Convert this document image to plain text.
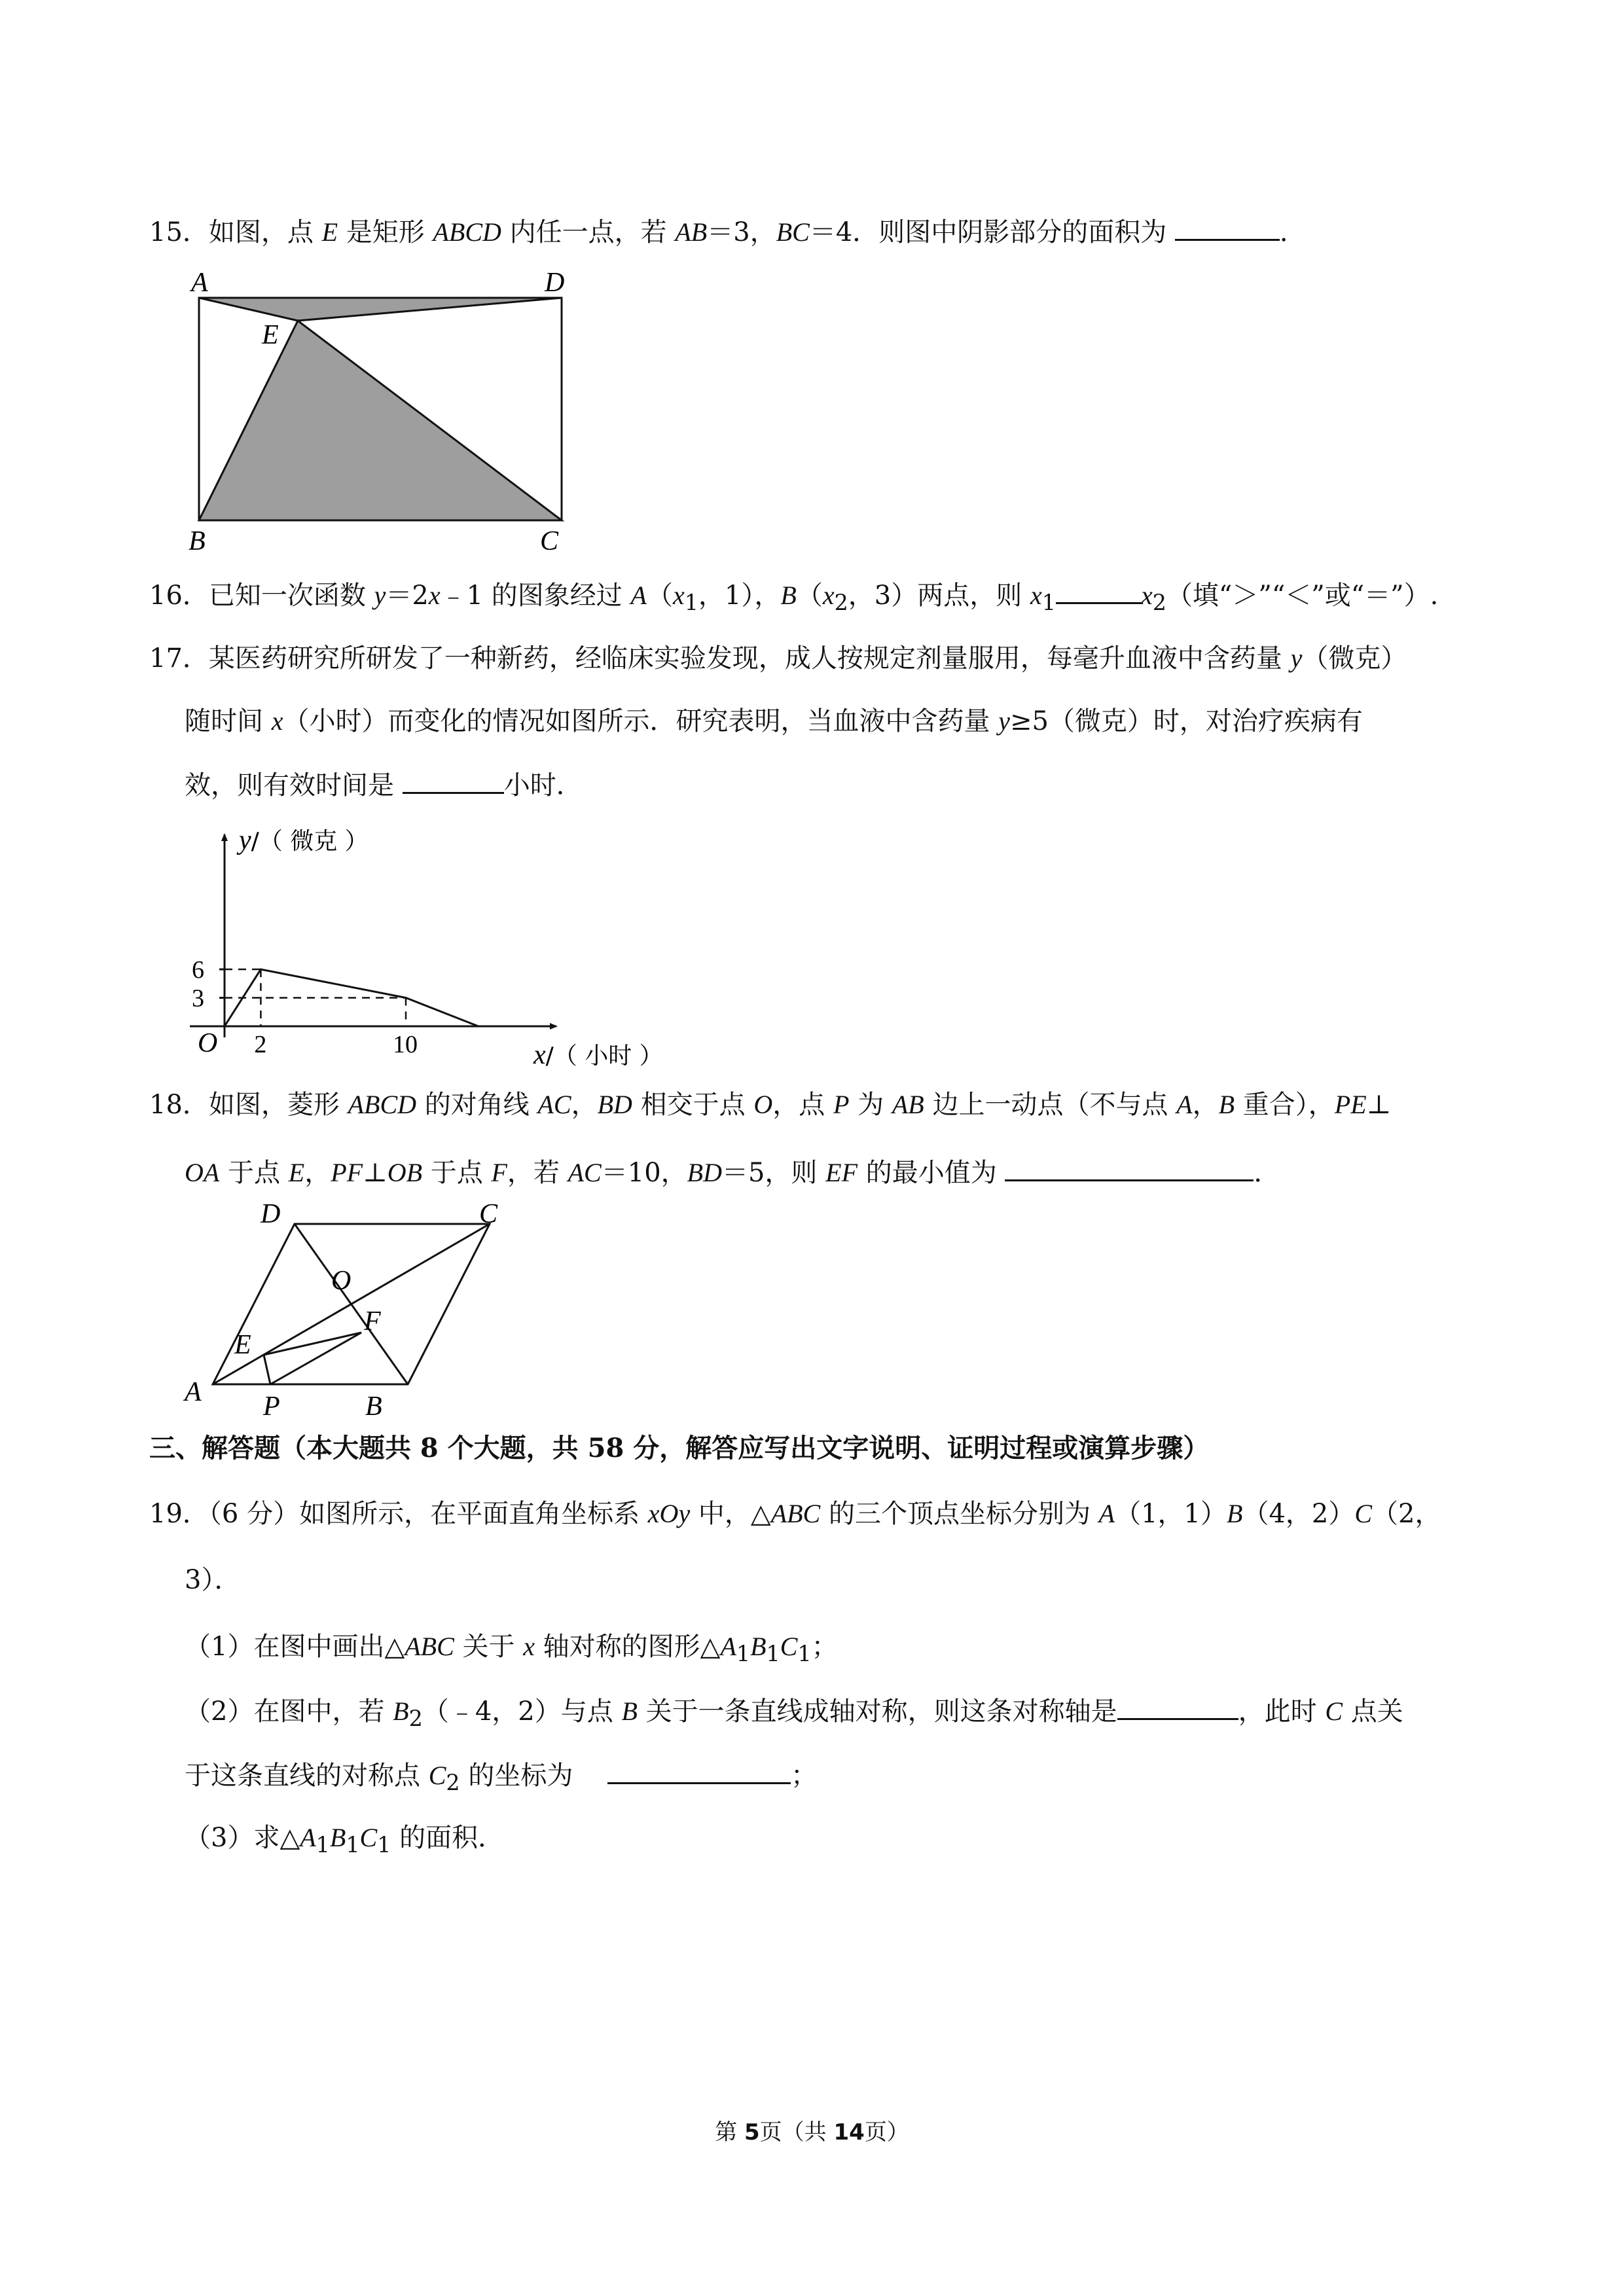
15．如图，点 E 是矩形 ABCD 内任一点，若 AB＝3，BC＝4．则图中阴影部分的面积为	．
A	D
E
B	C
16．已知一次函数 y＝2x﹣1 的图象经过 $A(x_1$，1），$B(x_2$，3）两点，则 $x_1$	$x_2$（填“＞”“＜”或“＝”）.
17．某医药研究所研发了一种新药，经临床实验发现，成人按规定剂量服用，每毫升血液中含药量 y（微克）
随时间 x（小时）而变化的情况如图所示．研究表明，当血液中含药量 y≥5（微克）时，对治疗疾病有
效，则有效时间是	小时．
3
6
2	10
y/（ 微克 ）
x/（ 小时 ）
O
18．如图，菱形 ABCD 的对角线 AC，BD 相交于点 O，点 P 为 AB 边上一动点（不与点 A，B 重合），PE⊥
OA 于点 E，PF⊥OB 于点 F，若 AC＝10，BD＝5，则 EF 的最小值为	．
D	C
O
E
F
A P	B
三、解答题（本大题共 8 个大题，共 58 分，解答应写出文字说明、证明过程或演算步骤）
19．（6 分）如图所示，在平面直角坐标系 xOy 中，△ABC 的三个顶点坐标分别为 A（1，1）B（4，2）C（2，
3）．
（1）在图中画出△ABC 关于 x 轴对称的图形$\triangle A_1B_1C_1$；
（2）在图中，若 $B_2(﹣4$，2）与点 B 关于一条直线成轴对称，则这条对称轴是	，此时 C 点关
于这条直线的对称点 $C_2$ 的坐标为	；
（3）求$\triangle A_1B_1C_1$ 的面积．
第 5页（共 14页）
